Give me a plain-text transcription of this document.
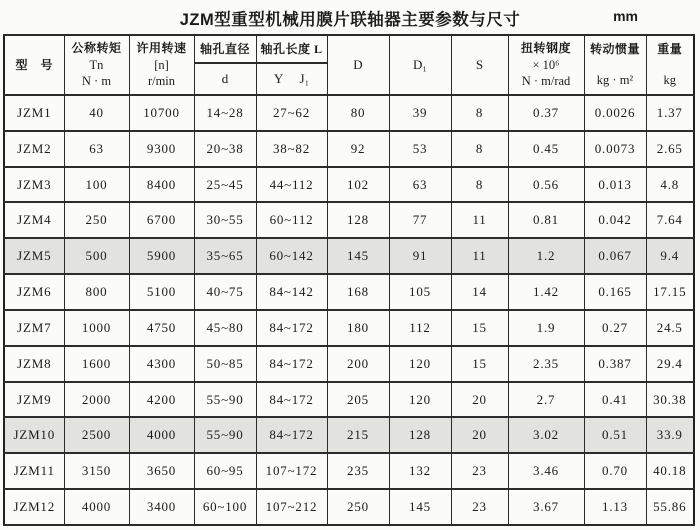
JZM型重型机械用膜片联轴器主要参数与尺寸	mm
型 号	公称转矩
Tn
N · m	许用转速
[n]
r/min	轴孔直径	轴孔长度 L	D	D₁	S	扭转钢度
× 10⁶
N · m/rad	转动惯量
kg · m²	重量
kg

			d	Y  J₁						
JZM1	40	10700	14~28	27~62	80	39	8	0.37	0.0026	1.37
JZM2	63	9300	20~38	38~82	92	53	8	0.45	0.0073	2.65
JZM3	100	8400	25~45	44~112	102	63	8	0.56	0.013	4.8
JZM4	250	6700	30~55	60~112	128	77	11	0.81	0.042	7.64
JZM5	500	5900	35~65	60~142	145	91	11	1.2	0.067	9.4
JZM6	800	5100	40~75	84~142	168	105	14	1.42	0.165	17.15
JZM7	1000	4750	45~80	84~172	180	112	15	1.9	0.27	24.5
JZM8	1600	4300	50~85	84~172	200	120	15	2.35	0.387	29.4
JZM9	2000	4200	55~90	84~172	205	120	20	2.7	0.41	30.38
JZM10	2500	4000	55~90	84~172	215	128	20	3.02	0.51	33.9
JZM11	3150	3650	60~95	107~172	235	132	23	3.46	0.70	40.18
JZM12	4000	3400	60~100	107~212	250	145	23	3.67	1.13	55.86
